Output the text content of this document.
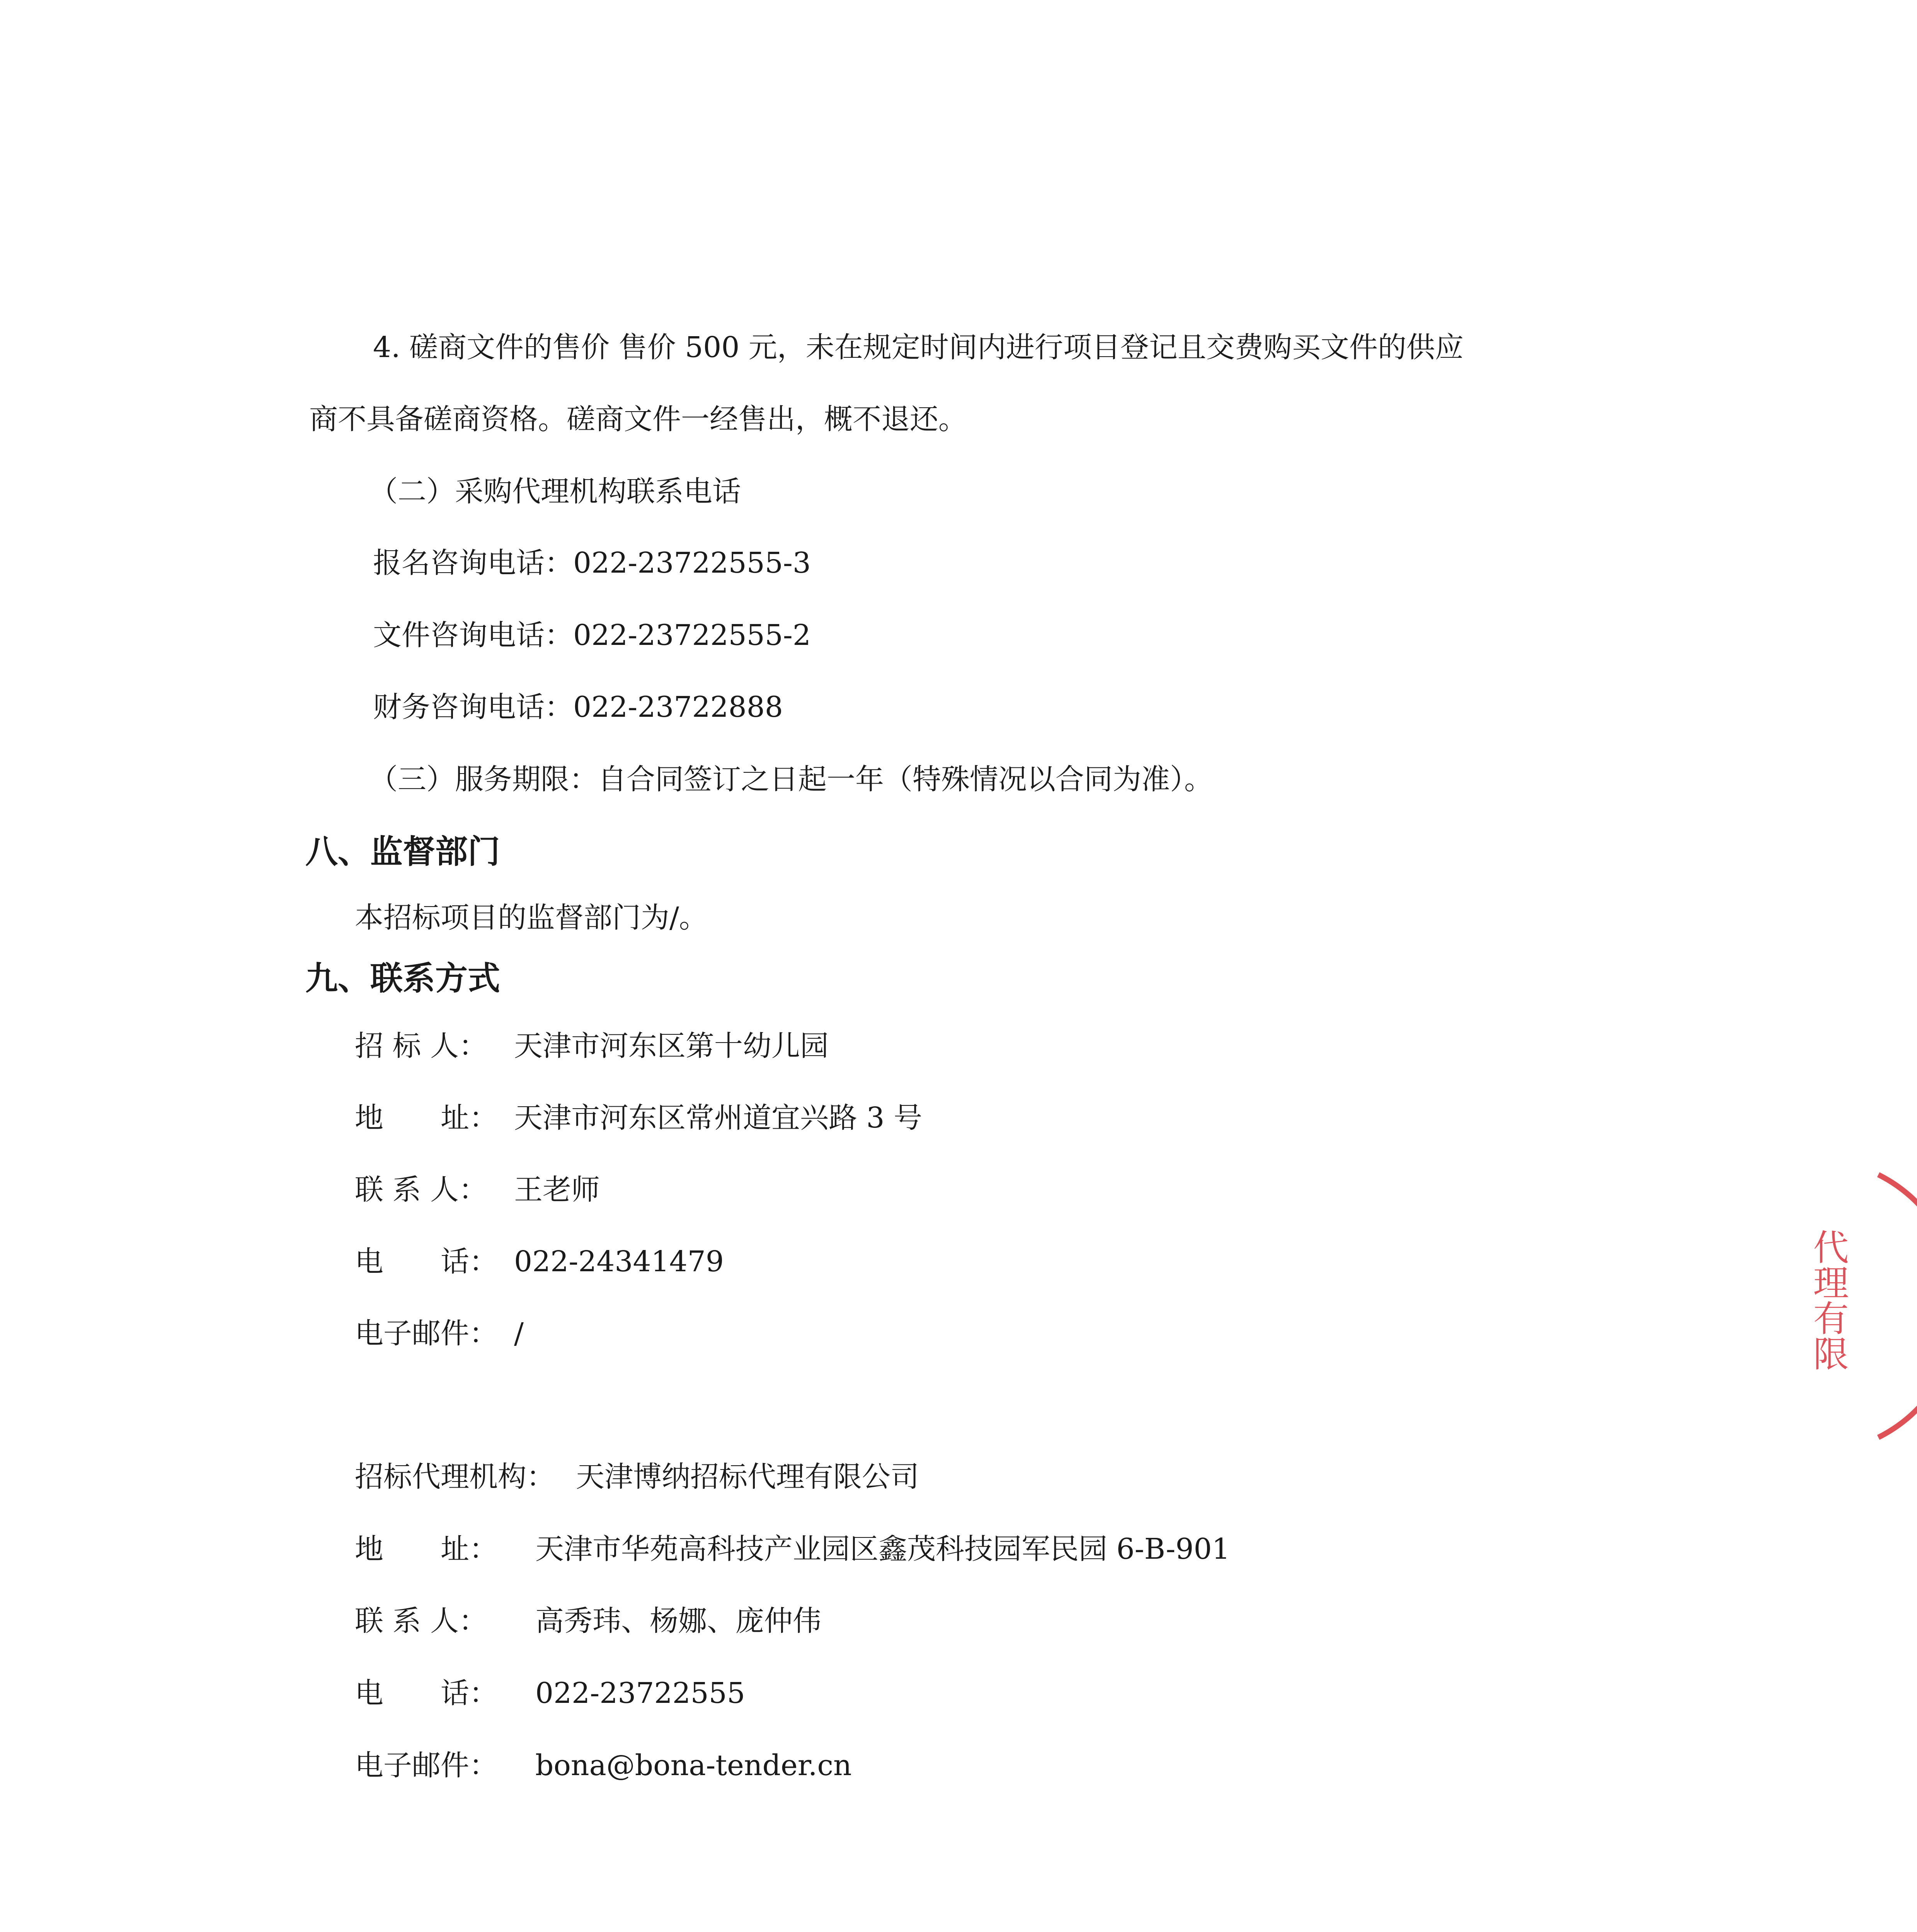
4. 磋商文件的售价 售价 500 元，未在规定时间内进行项目登记且交费购买文件的供应
商不具备磋商资格。磋商文件一经售出，概不退还。
（二）采购代理机构联系电话
报名咨询电话：022-23722555-3
文件咨询电话：022-23722555-2
财务咨询电话：022-23722888
（三）服务期限：自合同签订之日起一年（特殊情况以合同为准）。
八、监督部门
本招标项目的监督部门为/。
九、联系方式
招 标 人： 天津市河东区第十幼儿园
地　　址： 天津市河东区常州道宜兴路 3 号
联 系 人： 王老师
电　　话： 022-24341479
电子邮件： /
招标代理机构： 天津博纳招标代理有限公司
地　　址： 天津市华苑高科技产业园区鑫茂科技园军民园 6-B-901
联 系 人： 高秀玮、杨娜、庞仲伟
电　　话： 022-23722555
电子邮件： bona@bona-tender.cn
代理有限
